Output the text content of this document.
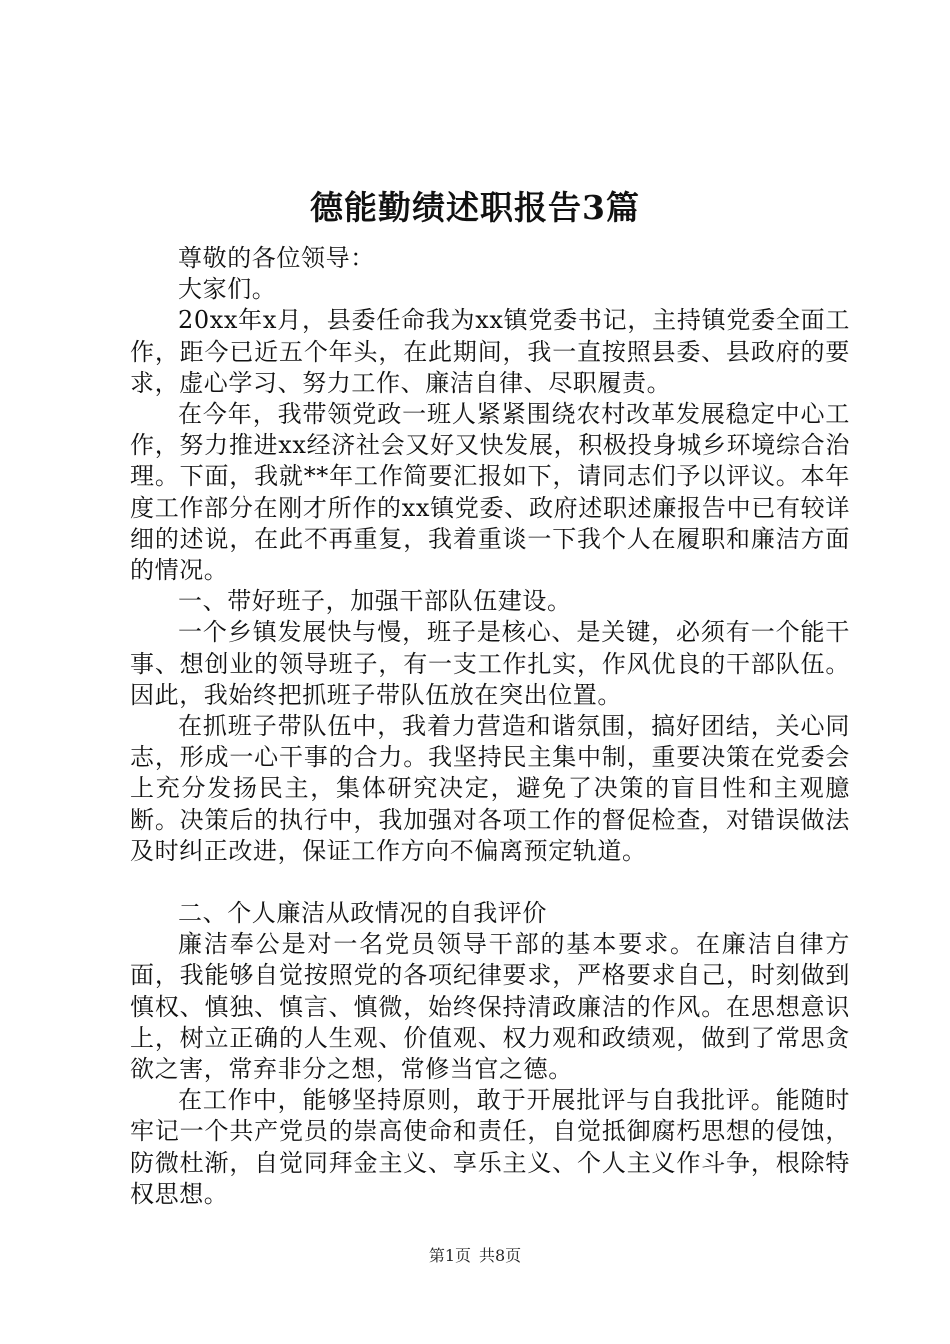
德能勤绩述职报告3篇

尊敬的各位领导：

大家们。

20xx年x月，县委任命我为xx镇党委书记，主持镇党委全面工作，距今已近五个年头，在此期间，我一直按照县委、县政府的要求，虚心学习、努力工作、廉洁自律、尽职履责。

在今年，我带领党政一班人紧紧围绕农村改革发展稳定中心工作，努力推进xx经济社会又好又快发展，积极投身城乡环境综合治理。下面，我就**年工作简要汇报如下，请同志们予以评议。本年度工作部分在刚才所作的xx镇党委、政府述职述廉报告中已有较详细的述说，在此不再重复，我着重谈一下我个人在履职和廉洁方面的情况。

一、带好班子，加强干部队伍建设。

一个乡镇发展快与慢，班子是核心、是关键，必须有一个能干事、想创业的领导班子，有一支工作扎实，作风优良的干部队伍。因此，我始终把抓班子带队伍放在突出位置。

在抓班子带队伍中，我着力营造和谐氛围，搞好团结，关心同志，形成一心干事的合力。我坚持民主集中制，重要决策在党委会上充分发扬民主，集体研究决定，避免了决策的盲目性和主观臆断。决策后的执行中，我加强对各项工作的督促检查，对错误做法及时纠正改进，保证工作方向不偏离预定轨道。

二、个人廉洁从政情况的自我评价

廉洁奉公是对一名党员领导干部的基本要求。在廉洁自律方面，我能够自觉按照党的各项纪律要求，严格要求自己，时刻做到慎权、慎独、慎言、慎微，始终保持清政廉洁的作风。在思想意识上，树立正确的人生观、价值观、权力观和政绩观，做到了常思贪欲之害，常弃非分之想，常修当官之德。

在工作中，能够坚持原则，敢于开展批评与自我批评。能随时牢记一个共产党员的崇高使命和责任，自觉抵御腐朽思想的侵蚀，防微杜渐，自觉同拜金主义、享乐主义、个人主义作斗争，根除特权思想。

第1页 共8页
